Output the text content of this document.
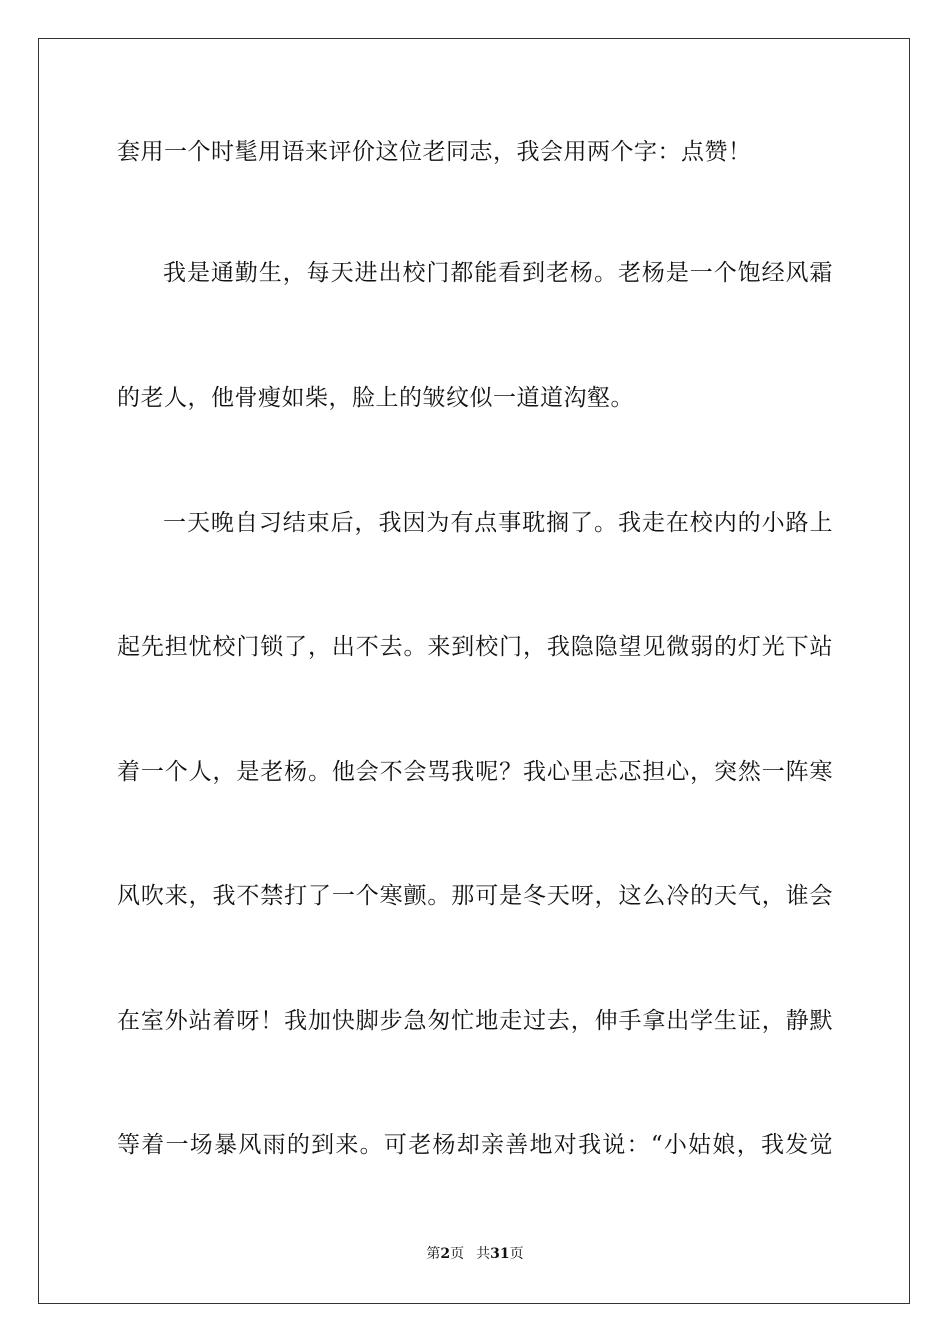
套用一个时髦用语来评价这位老同志，我会用两个字：点赞！
我是通勤生，每天进出校门都能看到老杨。老杨是一个饱经风霜
的老人，他骨瘦如柴，脸上的皱纹似一道道沟壑。
一天晚自习结束后，我因为有点事耽搁了。我走在校内的小路上
起先担忧校门锁了，出不去。来到校门，我隐隐望见微弱的灯光下站
着一个人，是老杨。他会不会骂我呢？我心里忐忑担心，突然一阵寒
风吹来，我不禁打了一个寒颤。那可是冬天呀，这么冷的天气，谁会
在室外站着呀！我加快脚步急匆忙地走过去，伸手拿出学生证，静默
等着一场暴风雨的到来。可老杨却亲善地对我说：“小姑娘，我发觉
第2页 共31页
